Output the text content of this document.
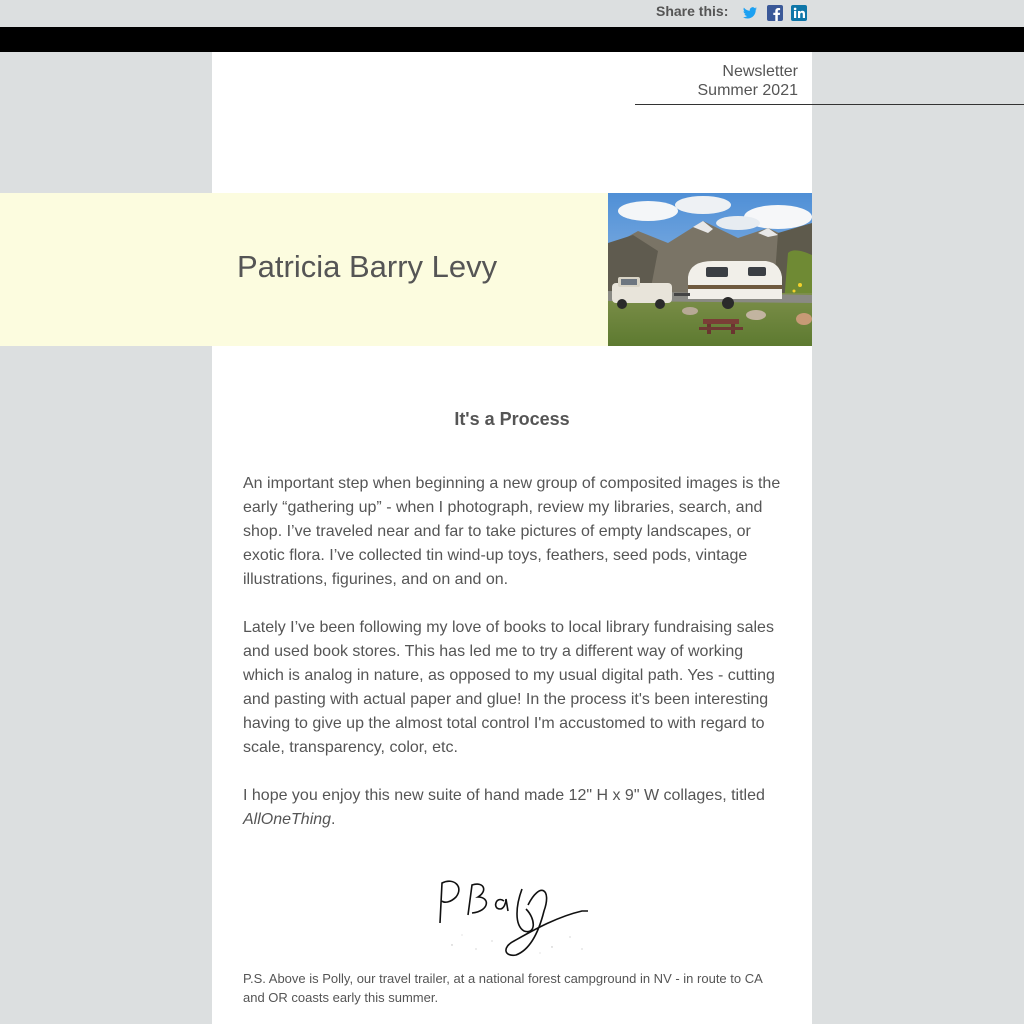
Share this:
Newsletter
Summer 2021
Patricia Barry Levy
It's a Process

An important step when beginning a new group of composited images is the early “gathering up” - when I photograph, review my libraries, search, and shop. I’ve traveled near and far to take pictures of empty landscapes, or exotic flora. I’ve collected tin wind-up toys, feathers, seed pods, vintage illustrations, figurines, and on and on.

Lately I’ve been following my love of books to local library fundraising sales and used book stores. This has led me to try a different way of working which is analog in nature, as opposed to my usual digital path. Yes - cutting and pasting with actual paper and glue! In the process it's been interesting having to give up the almost total control I'm accustomed to with regard to scale, transparency, color, etc.

I hope you enjoy this new suite of hand made 12" H x 9" W collages, titled
AllOneThing.

P.S. Above is Polly, our travel trailer, at a national forest campground in NV - in route to CA and OR coasts early this summer.
